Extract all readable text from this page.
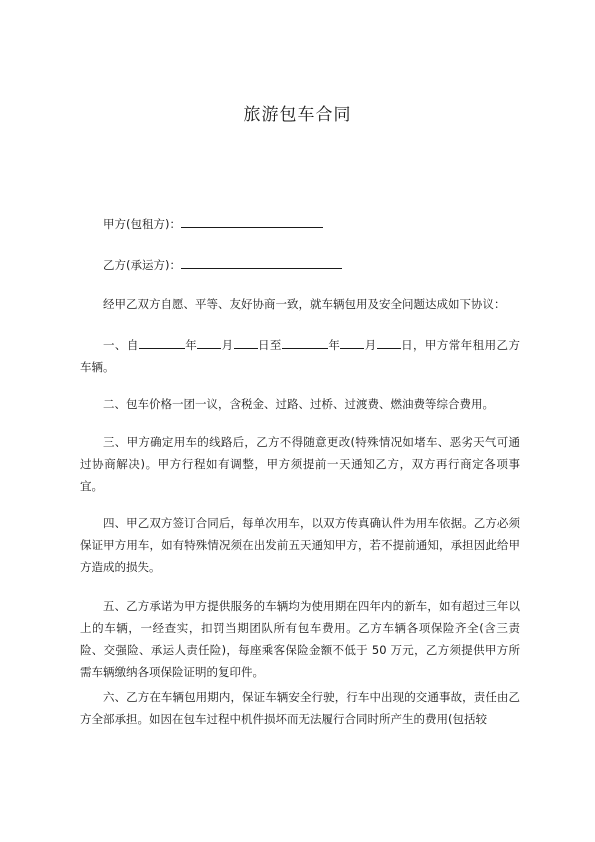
旅游包车合同

甲方(包租方)：

乙方(承运方)：

经甲乙双方自愿、平等、友好协商一致，就车辆包用及安全问题达成如下协议：

一、自	年 月 日至	年 月 日，甲方常年租用乙方车辆。

二、包车价格一团一议，含税金、过路、过桥、过渡费、燃油费等综合费用。

三、甲方确定用车的线路后，乙方不得随意更改(特殊情况如堵车、恶劣天气可通过协商解决)。甲方行程如有调整，甲方须提前一天通知乙方，双方再行商定各项事宜。

四、甲乙双方签订合同后，每单次用车，以双方传真确认件为用车依据。乙方必须保证甲方用车，如有特殊情况须在出发前五天通知甲方，若不提前通知，承担因此给甲方造成的损失。

五、乙方承诺为甲方提供服务的车辆均为使用期在四年内的新车，如有超过三年以上的车辆，一经查实，扣罚当期团队所有包车费用。乙方车辆各项保险齐全(含三责险、交强险、承运人责任险)，每座乘客保险金额不低于 50 万元，乙方须提供甲方所需车辆缴纳各项保险证明的复印件。

六、乙方在车辆包用期内，保证车辆安全行驶，行车中出现的交通事故，责任由乙方全部承担。如因在包车过程中机件损坏而无法履行合同时所产生的费用(包括较
